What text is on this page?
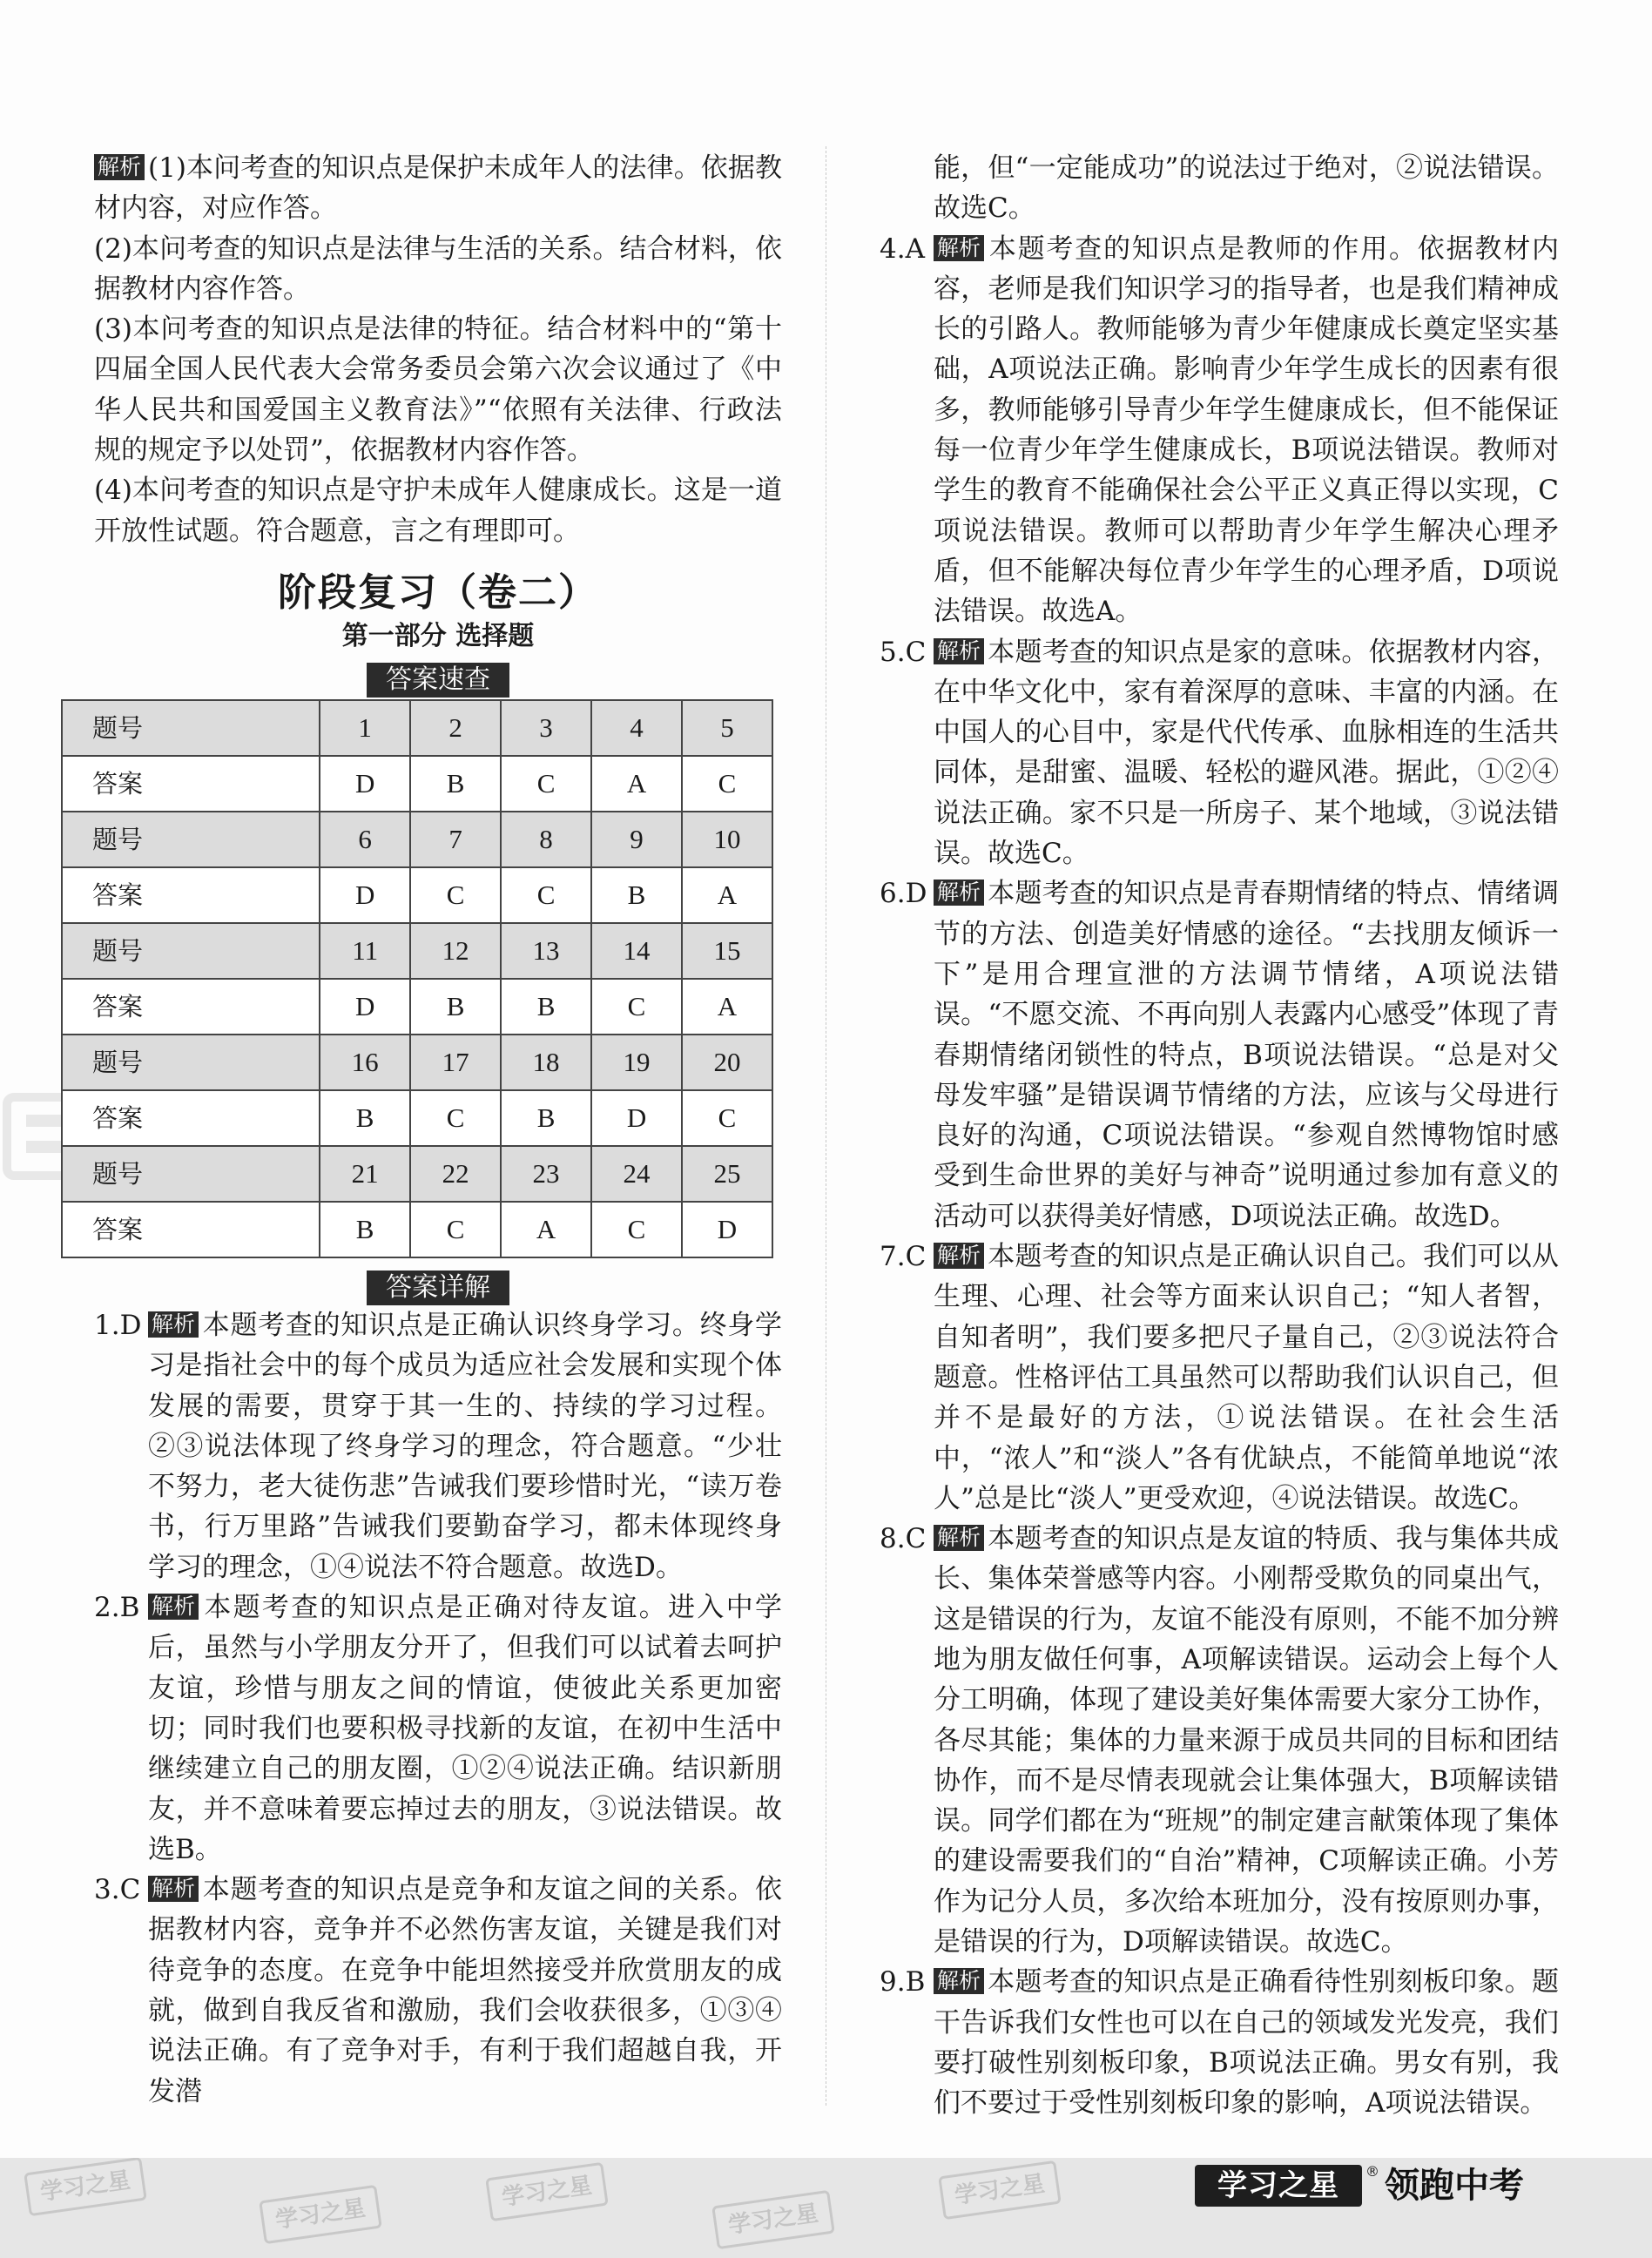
解析 (1)本问考查的知识点是保护未成年人的法律。依据教材内容，对应作答。

(2)本问考查的知识点是法律与生活的关系。结合材料，依据教材内容作答。

(3)本问考查的知识点是法律的特征。结合材料中的“第十四届全国人民代表大会常务委员会第六次会议通过了《中华人民共和国爱国主义教育法》”“依照有关法律、行政法规的规定予以处罚”，依据教材内容作答。

(4)本问考查的知识点是守护未成年人健康成长。这是一道开放性试题。符合题意，言之有理即可。

阶段复习（卷二）

第一部分 选择题

答案速查
题号	1	2	3	4	5
答案	D	B	C	A	C
题号	6	7	8	9	10
答案	D	C	C	B	A
题号	11	12	13	14	15
答案	D	B	B	C	A
题号	16	17	18	19	20
答案	B	C	B	D	C
题号	21	22	23	24	25
答案	B	C	A	C	D
答案详解

1.D 解析 本题考查的知识点是正确认识终身学习。终身学习是指社会中的每个成员为适应社会发展和实现个体发展的需要，贯穿于其一生的、持续的学习过程。②③说法体现了终身学习的理念，符合题意。“少壮不努力，老大徒伤悲”告诫我们要珍惜时光，“读万卷书，行万里路”告诫我们要勤奋学习，都未体现终身学习的理念，①④说法不符合题意。故选D。

2.B 解析 本题考查的知识点是正确对待友谊。进入中学后，虽然与小学朋友分开了，但我们可以试着去呵护友谊，珍惜与朋友之间的情谊，使彼此关系更加密切；同时我们也要积极寻找新的友谊，在初中生活中继续建立自己的朋友圈，①②④说法正确。结识新朋友，并不意味着要忘掉过去的朋友，③说法错误。故选B。

3.C 解析 本题考查的知识点是竞争和友谊之间的关系。依据教材内容，竞争并不必然伤害友谊，关键是我们对待竞争的态度。在竞争中能坦然接受并欣赏朋友的成就，做到自我反省和激励，我们会收获很多，①③④说法正确。有了竞争对手，有利于我们超越自我，开发潜

能，但“一定能成功”的说法过于绝对，②说法错误。故选C。

4.A 解析 本题考查的知识点是教师的作用。依据教材内容，老师是我们知识学习的指导者，也是我们精神成长的引路人。教师能够为青少年健康成长奠定坚实基础，A项说法正确。影响青少年学生成长的因素有很多，教师能够引导青少年学生健康成长，但不能保证每一位青少年学生健康成长，B项说法错误。教师对学生的教育不能确保社会公平正义真正得以实现，C项说法错误。教师可以帮助青少年学生解决心理矛盾，但不能解决每位青少年学生的心理矛盾，D项说法错误。故选A。

5.C 解析 本题考查的知识点是家的意味。依据教材内容，在中华文化中，家有着深厚的意味、丰富的内涵。在中国人的心目中，家是代代传承、血脉相连的生活共同体，是甜蜜、温暖、轻松的避风港。据此，①②④说法正确。家不只是一所房子、某个地域，③说法错误。故选C。

6.D 解析 本题考查的知识点是青春期情绪的特点、情绪调节的方法、创造美好情感的途径。“去找朋友倾诉一下”是用合理宣泄的方法调节情绪，A项说法错误。“不愿交流、不再向别人表露内心感受”体现了青春期情绪闭锁性的特点，B项说法错误。“总是对父母发牢骚”是错误调节情绪的方法，应该与父母进行良好的沟通，C项说法错误。“参观自然博物馆时感受到生命世界的美好与神奇”说明通过参加有意义的活动可以获得美好情感，D项说法正确。故选D。

7.C 解析 本题考查的知识点是正确认识自己。我们可以从生理、心理、社会等方面来认识自己；“知人者智，自知者明”，我们要多把尺子量自己，②③说法符合题意。性格评估工具虽然可以帮助我们认识自己，但并不是最好的方法，①说法错误。在社会生活中，“浓人”和“淡人”各有优缺点，不能简单地说“浓人”总是比“淡人”更受欢迎，④说法错误。故选C。

8.C 解析 本题考查的知识点是友谊的特质、我与集体共成长、集体荣誉感等内容。小刚帮受欺负的同桌出气，这是错误的行为，友谊不能没有原则，不能不加分辨地为朋友做任何事，A项解读错误。运动会上每个人分工明确，体现了建设美好集体需要大家分工协作，各尽其能；集体的力量来源于成员共同的目标和团结协作，而不是尽情表现就会让集体强大，B项解读错误。同学们都在为“班规”的制定建言献策体现了集体的建设需要我们的“自治”精神，C项解读正确。小芳作为记分人员，多次给本班加分，没有按原则办事，是错误的行为，D项解读错误。故选C。

9.B 解析 本题考查的知识点是正确看待性别刻板印象。题干告诉我们女性也可以在自己的领域发光发亮，我们要打破性别刻板印象，B项说法正确。男女有别，我们不要过于受性别刻板印象的影响，A项说法错误。

学习之星
学习之星
学习之星
学习之星
学习之星	学习之星	® 领跑中考
